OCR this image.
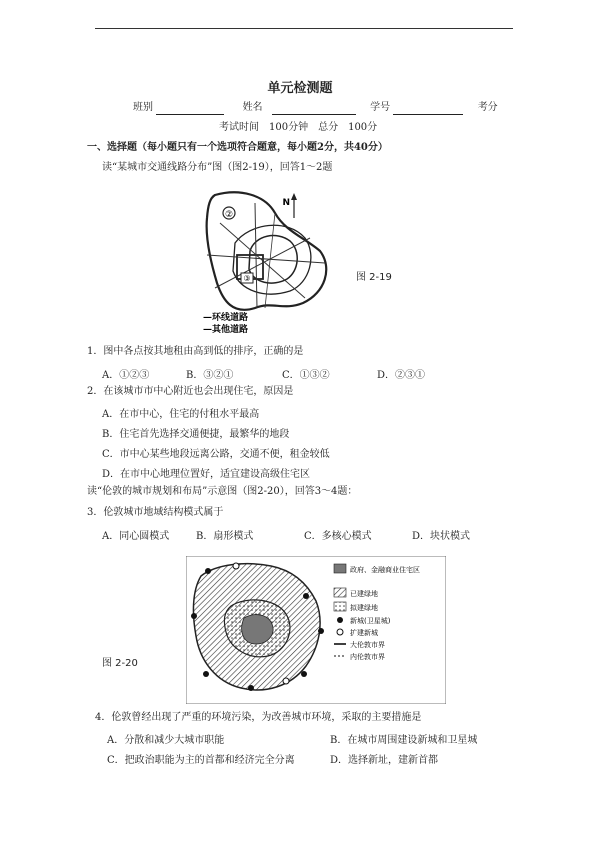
单元检测题
班别	姓名	学号	考分
考试时间　100分钟　总分　100分
一、选择题（每小题只有一个选项符合题意，每小题2分，共40分）
读“某城市交通线路分布”图（图2-19），回答1～2题
②
③
N
—环线道路
—其他道路
图 2-19
1．图中各点按其地租由高到低的排序，正确的是
A．①②③	B．③②①	C．①③②	D．②③①
2．在该城市市中心附近也会出现住宅，原因是
A．在市中心，住宅的付租水平最高
B．住宅首先选择交通便捷，最繁华的地段
C．市中心某些地段远离公路，交通不便，租金较低
D．在市中心地理位置好，适宜建设高级住宅区
读“伦敦的城市规划和布局”示意图（图2-20），回答3～4题：
3．伦敦城市地域结构模式属于
A．同心圆模式	B．扇形模式	C．多核心模式	D．块状模式
政府、金融商业住宅区
已建绿地
拟建绿地
新城(卫星城)
扩建新城
大伦敦市界
内伦敦市界
图 2-20
4．伦敦曾经出现了严重的环境污染，为改善城市环境，采取的主要措施是
A．分散和减少大城市职能	B．在城市周围建设新城和卫星城
C．把政治职能为主的首都和经济完全分离	D．选择新址，建新首都
